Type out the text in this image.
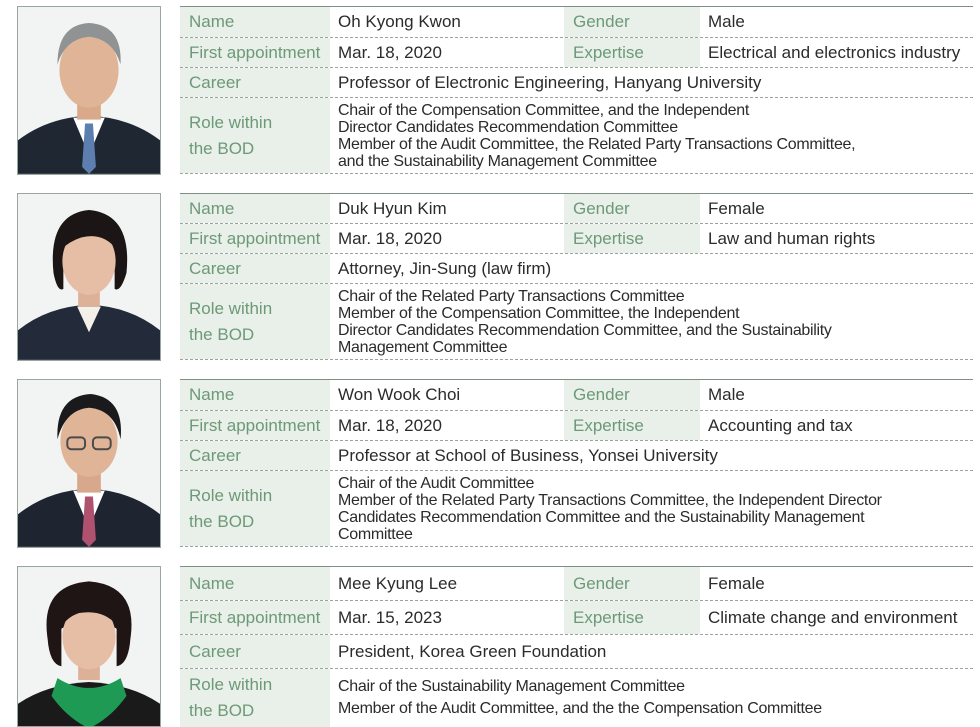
Name	Oh Kyong Kwon	Gender	Male
First appointment	Mar. 18, 2020	Expertise	Electrical and electronics industry
Career	Professor of Electronic Engineering, Hanyang University
Role within
the BOD
Chair of the Compensation Committee, and the Independent
Director Candidates Recommendation Committee
Member of the Audit Committee, the Related Party Transactions Committee,
and the Sustainability Management Committee
Name	Duk Hyun Kim	Gender	Female
First appointment	Mar. 18, 2020	Expertise	Law and human rights
Career	Attorney, Jin-Sung (law firm)
Role within
the BOD
Chair of the Related Party Transactions Committee
Member of the Compensation Committee, the Independent
Director Candidates Recommendation Committee, and the Sustainability
Management Committee
Name	Won Wook Choi	Gender	Male
First appointment	Mar. 18, 2020	Expertise	Accounting and tax
Career	Professor at School of Business, Yonsei University
Role within
the BOD
Chair of the Audit Committee
Member of the Related Party Transactions Committee, the Independent Director
Candidates Recommendation Committee and the Sustainability Management
Committee
Name	Mee Kyung Lee	Gender	Female
First appointment	Mar. 15, 2023	Expertise	Climate change and environment
Career	President, Korea Green Foundation
Role within
the BOD
Chair of the Sustainability Management Committee
Member of the Audit Committee, and the the Compensation Committee
